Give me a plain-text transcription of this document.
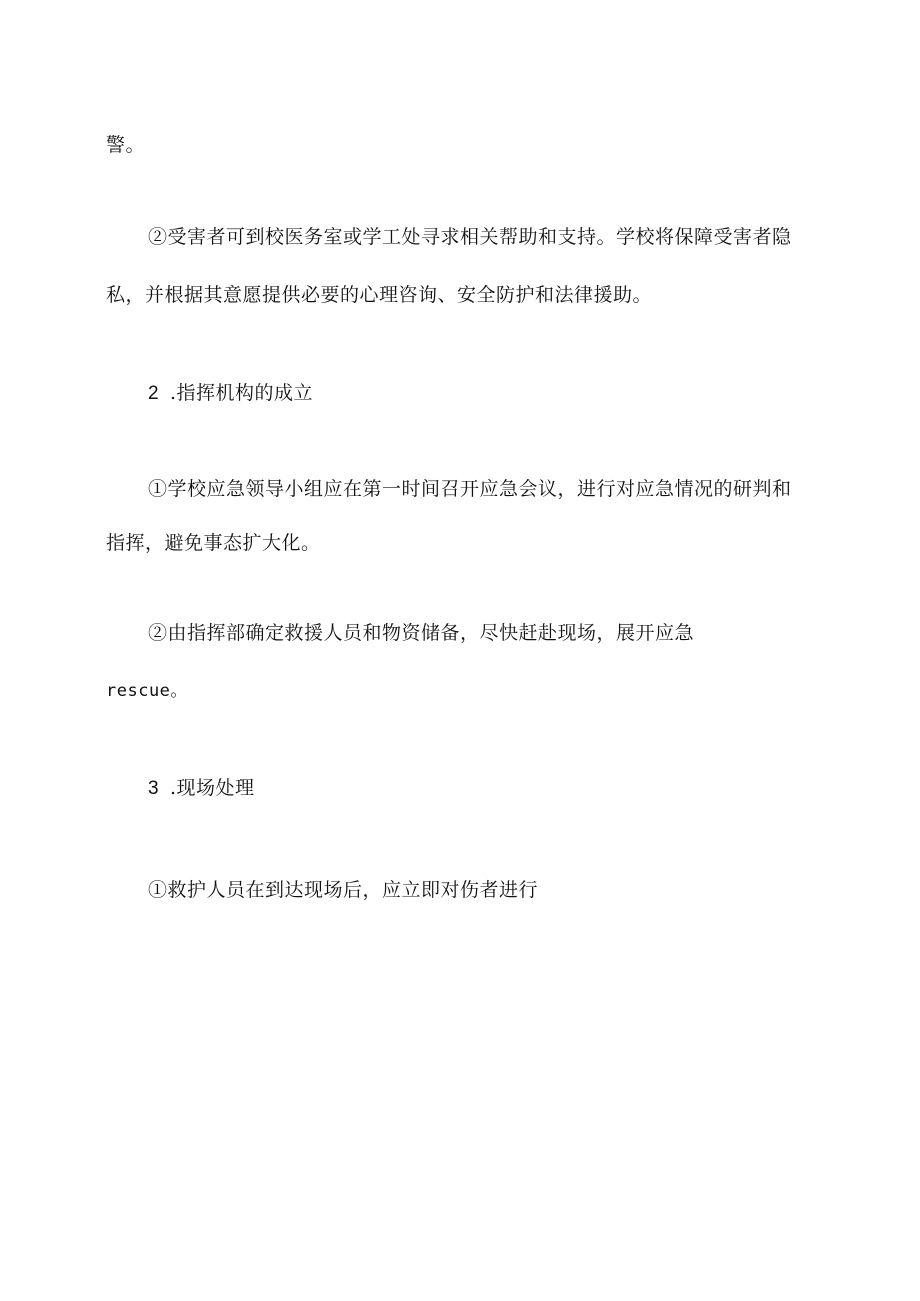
警。
②受害者可到校医务室或学工处寻求相关帮助和支持。学校将保障受害者隐
私，并根据其意愿提供必要的心理咨询、安全防护和法律援助。
2 .指挥机构的成立
①学校应急领导小组应在第一时间召开应急会议，进行对应急情况的研判和
指挥，避免事态扩大化。
②由指挥部确定救援人员和物资储备，尽快赶赴现场，展开应急
rescue。
3 .现场处理
①救护人员在到达现场后，应立即对伤者进行
